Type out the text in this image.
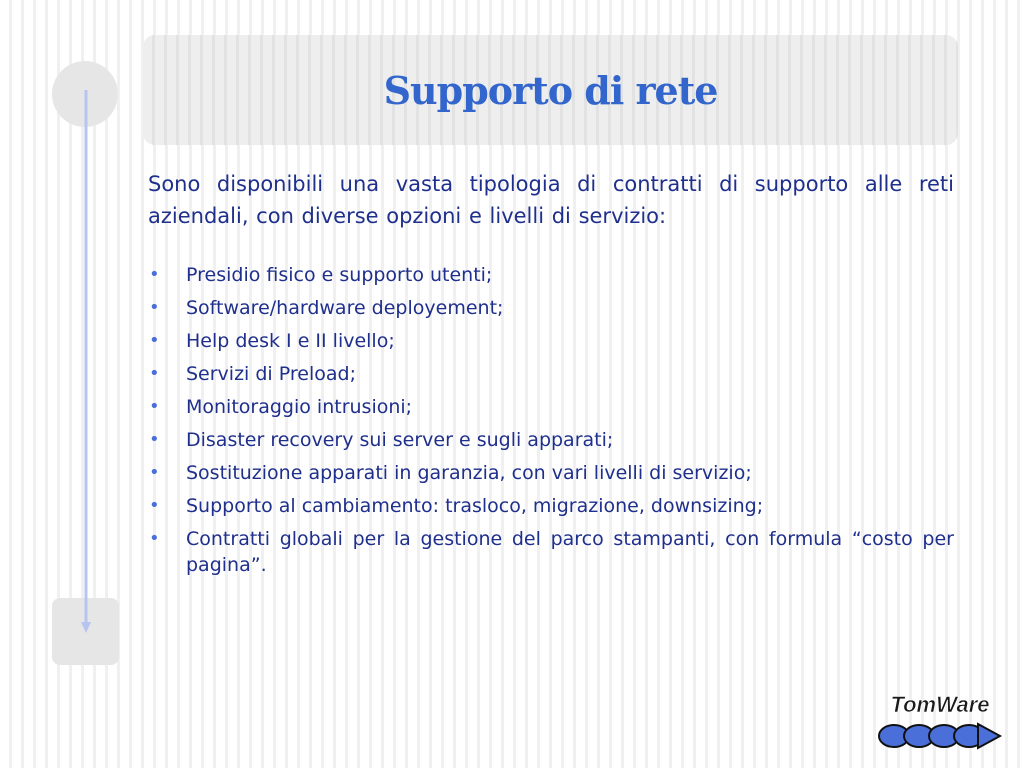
Supporto di rete

Sono disponibili una vasta tipologia di contratti di supporto alle reti aziendali, con diverse opzioni e livelli di servizio:

• Presidio fisico e supporto utenti;
• Software/hardware deployement;
• Help desk I e II livello;
• Servizi di Preload;
• Monitoraggio intrusioni;
• Disaster recovery sui server e sugli apparati;
• Sostituzione apparati in garanzia, con vari livelli di servizio;
• Supporto al cambiamento: trasloco, migrazione, downsizing;
• Contratti globali per la gestione del parco stampanti, con formula “costo per pagina”.
TomWare
